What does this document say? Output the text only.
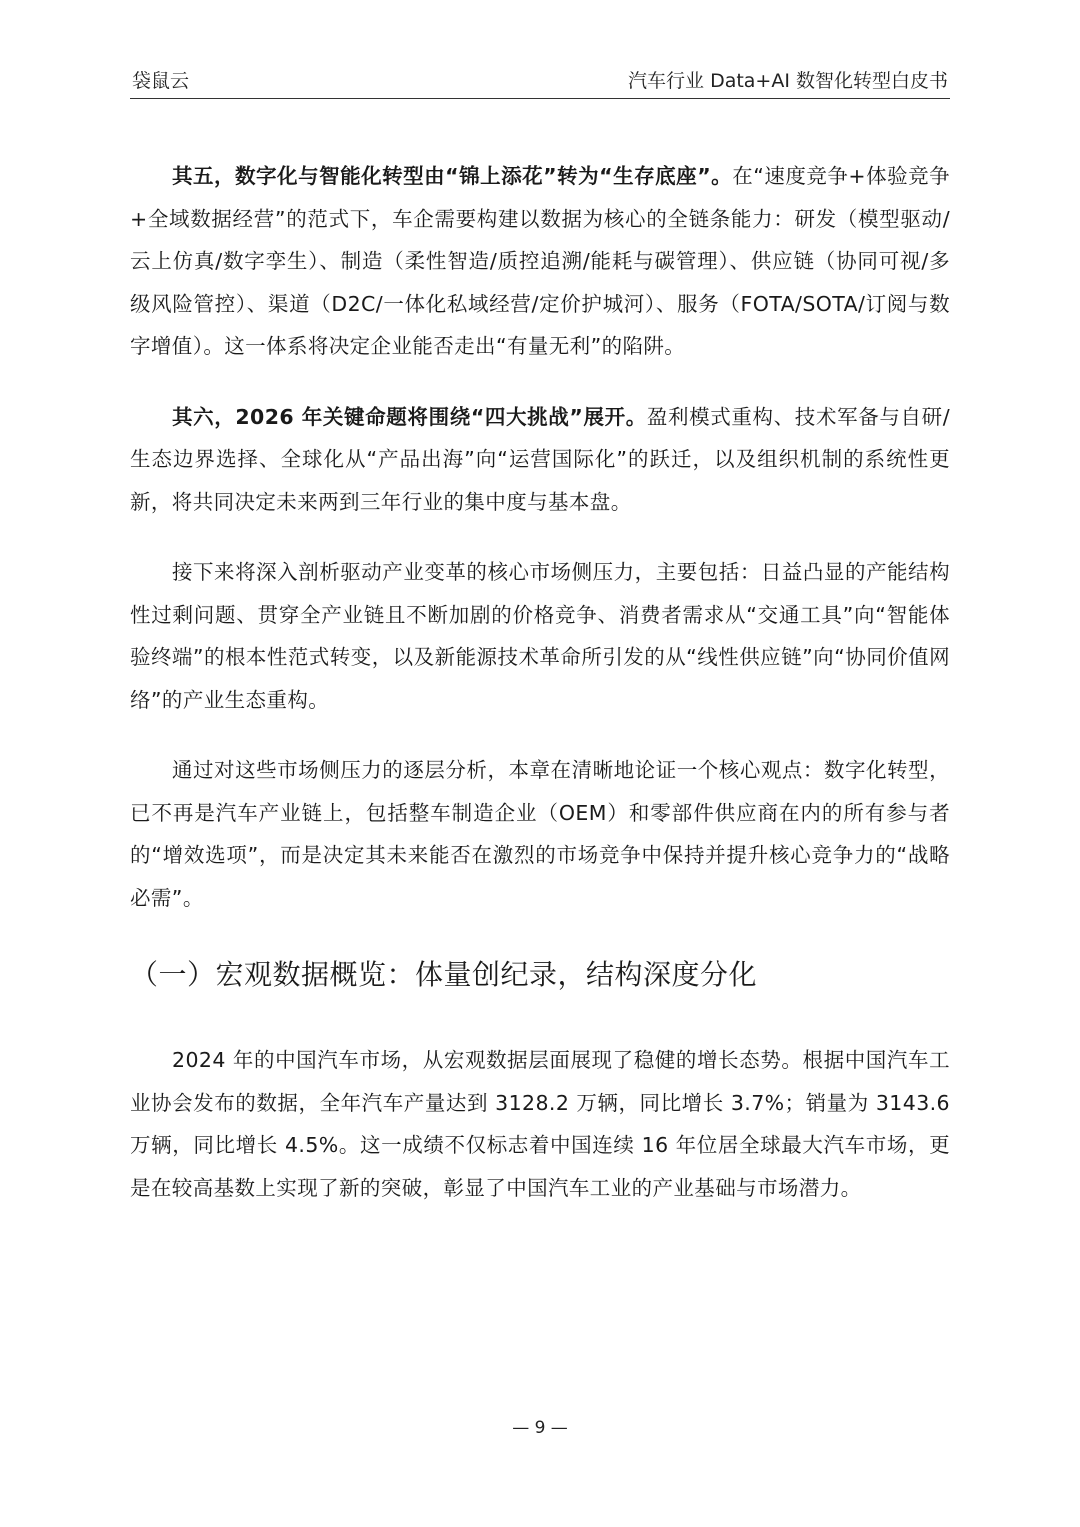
袋鼠云	汽车行业 Data+AI 数智化转型白皮书

其五，数字化与智能化转型由“锦上添花”转为“生存底座”。在“速度竞争+体验竞争+全域数据经营”的范式下，车企需要构建以数据为核心的全链条能力：研发（模型驱动/云上仿真/数字孪生）、制造（柔性智造/质控追溯/能耗与碳管理）、供应链（协同可视/多级风险管控）、渠道（D2C/一体化私域经营/定价护城河）、服务（FOTA/SOTA/订阅与数字增值）。这一体系将决定企业能否走出“有量无利”的陷阱。

其六，2026 年关键命题将围绕“四大挑战”展开。盈利模式重构、技术军备与自研/生态边界选择、全球化从“产品出海”向“运营国际化”的跃迁，以及组织机制的系统性更新，将共同决定未来两到三年行业的集中度与基本盘。

接下来将深入剖析驱动产业变革的核心市场侧压力，主要包括：日益凸显的产能结构性过剩问题、贯穿全产业链且不断加剧的价格竞争、消费者需求从“交通工具”向“智能体验终端”的根本性范式转变，以及新能源技术革命所引发的从“线性供应链”向“协同价值网络”的产业生态重构。

通过对这些市场侧压力的逐层分析，本章在清晰地论证一个核心观点：数字化转型，已不再是汽车产业链上，包括整车制造企业（OEM）和零部件供应商在内的所有参与者的“增效选项”，而是决定其未来能否在激烈的市场竞争中保持并提升核心竞争力的“战略必需”。

（一）宏观数据概览：体量创纪录，结构深度分化

2024 年的中国汽车市场，从宏观数据层面展现了稳健的增长态势。根据中国汽车工业协会发布的数据，全年汽车产量达到 3128.2 万辆，同比增长 3.7%；销量为 3143.6 万辆，同比增长 4.5%。这一成绩不仅标志着中国连续 16 年位居全球最大汽车市场，更是在较高基数上实现了新的突破，彰显了中国汽车工业的产业基础与市场潜力。

— 9 —
